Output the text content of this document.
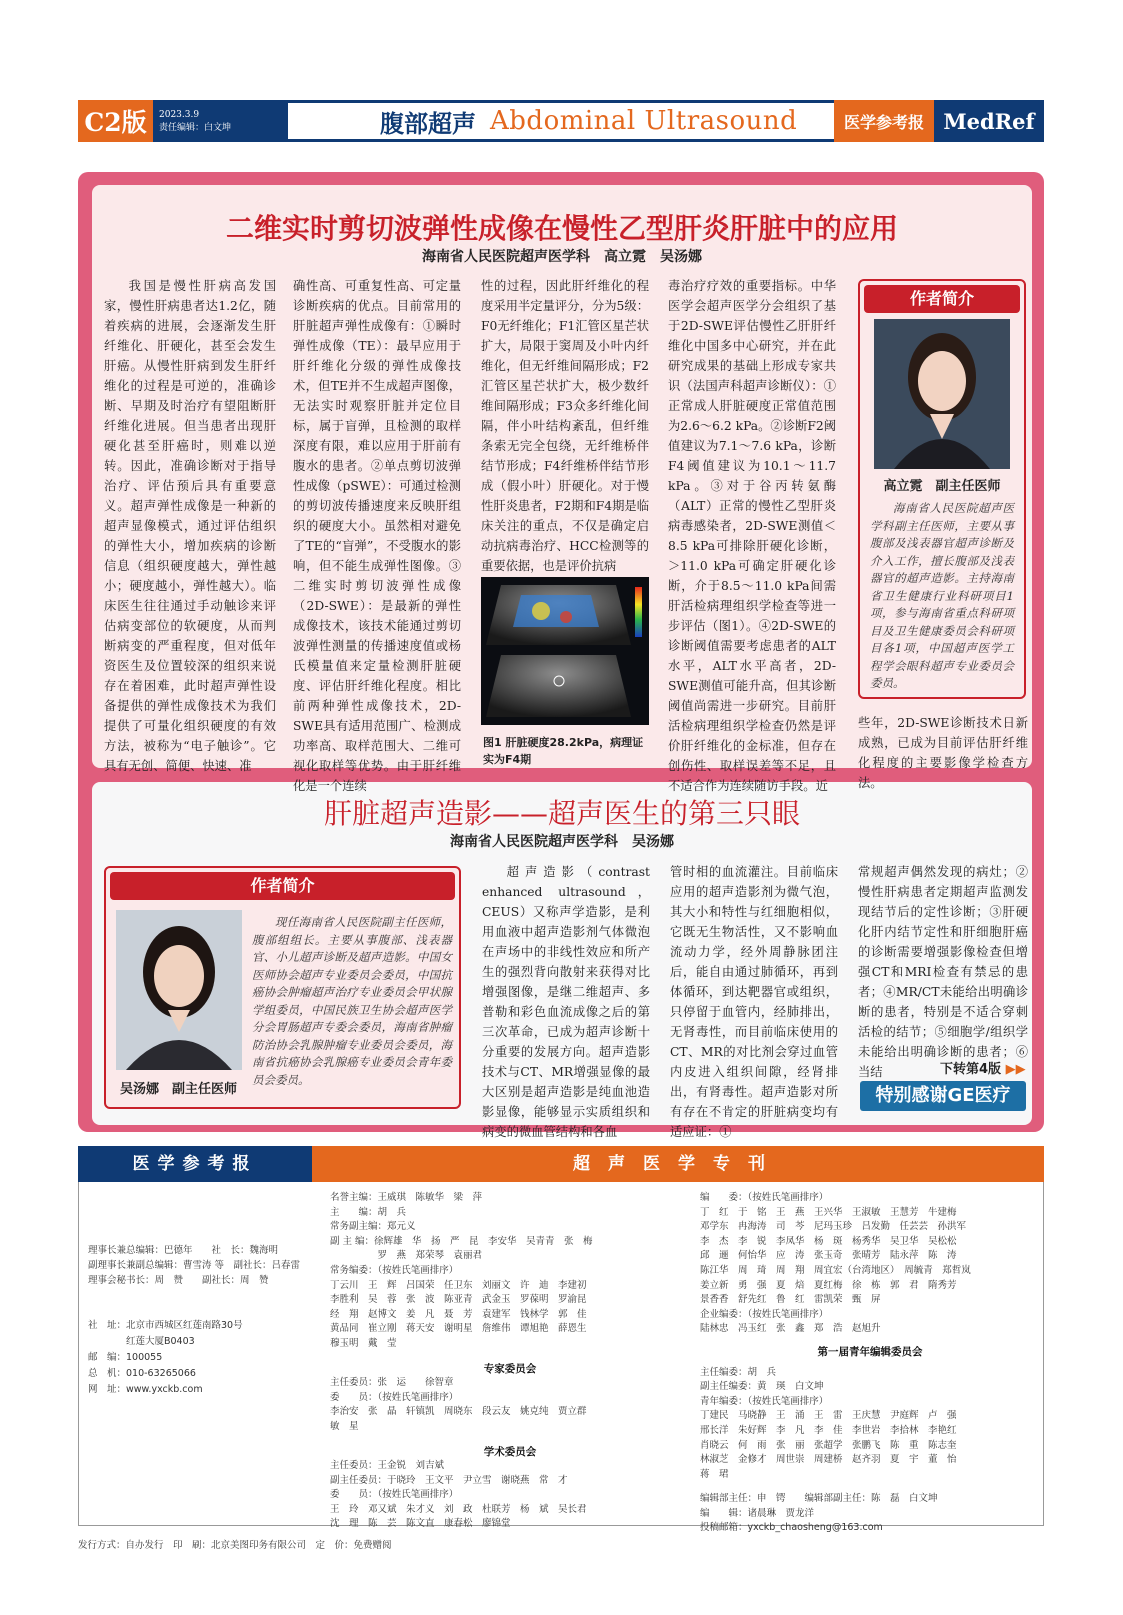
C2版	2023.3.9
责任编辑：白文坤	腹部超声 Abdominal Ultrasound	医学参考报 MedRef
二维实时剪切波弹性成像在慢性乙型肝炎肝脏中的应用
海南省人民医院超声医学科　高立霓　吴汤娜
我国是慢性肝病高发国家，慢性肝病患者达1.2亿，随着疾病的进展，会逐渐发生肝纤维化、肝硬化，甚至会发生肝癌。从慢性肝病到发生肝纤维化的过程是可逆的，准确诊断、早期及时治疗有望阻断肝纤维化进展。但当患者出现肝硬化甚至肝癌时，则难以逆转。因此，准确诊断对于指导治疗、评估预后具有重要意义。超声弹性成像是一种新的超声显像模式，通过评估组织的弹性大小，增加疾病的诊断信息（组织硬度越大，弹性越小；硬度越小，弹性越大）。临床医生往往通过手动触诊来评估病变部位的软硬度，从而判断病变的严重程度，但对低年资医生及位置较深的组织来说存在着困难，此时超声弹性设备提供的弹性成像技术为我们提供了可量化组织硬度的有效方法，被称为“电子触诊”。它具有无创、简便、快速、准
确性高、可重复性高、可定量诊断疾病的优点。目前常用的肝脏超声弹性成像有：①瞬时弹性成像（TE）：最早应用于肝纤维化分级的弹性成像技术，但TE并不生成超声图像，无法实时观察肝脏并定位目标，属于盲弹，且检测的取样深度有限，难以应用于肝前有腹水的患者。②单点剪切波弹性成像（pSWE）：可通过检测的剪切波传播速度来反映肝组织的硬度大小。虽然相对避免了TE的“盲弹”，不受腹水的影响，但不能生成弹性图像。③二维实时剪切波弹性成像（2D-SWE）：是最新的弹性成像技术，该技术能通过剪切波弹性测量的传播速度值或杨氏模量值来定量检测肝脏硬度、评估肝纤维化程度。相比前两种弹性成像技术，2D-SWE具有适用范围广、检测成功率高、取样范围大、二维可视化取样等优势。由于肝纤维化是一个连续
性的过程，因此肝纤维化的程度采用半定量评分，分为5级：F0无纤维化；F1汇管区星芒状扩大，局限于窦周及小叶内纤维化，但无纤维间隔形成；F2汇管区星芒状扩大，极少数纤维间隔形成；F3众多纤维化间隔，伴小叶结构紊乱，但纤维条索无完全包绕，无纤维桥伴结节形成；F4纤维桥伴结节形成（假小叶）肝硬化。对于慢性肝炎患者，F2期和F4期是临床关注的重点，不仅是确定启动抗病毒治疗、HCC检测等的重要依据，也是评价抗病
毒治疗疗效的重要指标。中华医学会超声医学分会组织了基于2D-SWE评估慢性乙肝肝纤维化中国多中心研究，并在此研究成果的基础上形成专家共识（法国声科超声诊断仪）：①正常成人肝脏硬度正常值范围为2.6～6.2 kPa。②诊断F2阈值建议为7.1～7.6 kPa，诊断F4阈值建议为10.1～11.7 kPa。③对于谷丙转氨酶（ALT）正常的慢性乙型肝炎病毒感染者，2D-SWE测值＜8.5 kPa可排除肝硬化诊断，＞11.0 kPa可确定肝硬化诊断，介于8.5～11.0 kPa间需肝活检病理组织学检查等进一步评估（图1）。④2D-SWE的诊断阈值需要考虑患者的ALT水平，ALT水平高者，2D-SWE测值可能升高，但其诊断阈值尚需进一步研究。目前肝活检病理组织学检查仍然是评价肝纤维化的金标准，但存在创伤性、取样误差等不足，且不适合作为连续随访手段。近
些年，2D-SWE诊断技术日新成熟，已成为目前评估肝纤维化程度的主要影像学检查方法。
图1 肝脏硬度28.2kPa，病理证实为F4期
作者简介
高立霓　副主任医师
海南省人民医院超声医学科副主任医师，主要从事腹部及浅表器官超声诊断及介入工作，擅长腹部及浅表器官的超声造影。主持海南省卫生健康行业科研项目1项，参与海南省重点科研项目及卫生健康委员会科研项目各1项，中国超声医学工程学会眼科超声专业委员会委员。
肝脏超声造影——超声医生的第三只眼
海南省人民医院超声医学科　吴汤娜
作者简介
吴汤娜　副主任医师
现任海南省人民医院副主任医师，腹部组组长。主要从事腹部、浅表器官、小儿超声诊断及超声造影。中国女医师协会超声专业委员会委员，中国抗癌协会肿瘤超声治疗专业委员会甲状腺学组委员，中国民族卫生协会超声医学分会胃肠超声专委会委员，海南省肿瘤防治协会乳腺肿瘤专业委员会委员，海南省抗癌协会乳腺癌专业委员会青年委员会委员。
超声造影（contrast enhanced ultrasound，CEUS）又称声学造影，是利用血液中超声造影剂气体微泡在声场中的非线性效应和所产生的强烈背向散射来获得对比增强图像，是继二维超声、多普勒和彩色血流成像之后的第三次革命，已成为超声诊断十分重要的发展方向。超声造影技术与CT、MR增强显像的最大区别是超声造影是纯血池造影显像，能够显示实质组织和病变的微血管结构和各血
管时相的血流灌注。目前临床应用的超声造影剂为微气泡，其大小和特性与红细胞相似，它既无生物活性，又不影响血流动力学，经外周静脉团注后，能自由通过肺循环，再到体循环，到达靶器官或组织，只停留于血管内，经肺排出，无肾毒性，而目前临床使用的CT、MR的对比剂会穿过血管内皮进入组织间隙，经肾排出，有肾毒性。超声造影对所有存在不肯定的肝脏病变均有适应证：①
常规超声偶然发现的病灶；②慢性肝病患者定期超声监测发现结节后的定性诊断；③肝硬化肝内结节定性和肝细胞肝癌的诊断需要增强影像检查但增强CT和MRI检查有禁忌的患者；④MR/CT未能给出明确诊断的患者，特别是不适合穿刺活检的结节；⑤细胞学/组织学未能给出明确诊断的患者；⑥当结	下转第4版 ▶▶
特别感谢GE医疗
医学参考报	超声医学专刊
理事长兼总编辑：巴德年　　社　长：魏海明
副理事长兼副总编辑：曹雪涛 等　副社长：吕春雷
理事会秘书长：周　赞　　副社长：周　赞
社　址：北京市西城区红莲南路30号
　　　　红莲大厦B0403
邮　编：100055
总　机：010-63265066
网　址：www.yxckb.com
名誉主编：王威琪　陈敏华　梁　萍
主　　编：胡　兵
常务副主编：郑元义
副 主 编：徐辉雄　华　扬　严　昆　李安华　吴青青　张　梅
　　　　　罗　燕　郑荣琴　袁丽君
常务编委：（按姓氏笔画排序）
丁云川　王　辉　吕国荣　任卫东　刘丽文　许　迪　李建初
李胜利　吴　蓉　张　波　陈亚青　武金玉　罗葆明　罗渝昆
经　翔　赵博文　姜　凡　聂　芳　袁建军　钱林学　郭　佳
黄品同　崔立刚　蒋天安　谢明星　詹维伟　谭旭艳　薛恩生
穆玉明　戴　莹
专家委员会
主任委员：张　运　　徐智章
委　　员：（按姓氏笔画排序）
李治安　张　晶　轩镇凯　周晓东　段云友　姚克纯　贾立群
敏　星
学术委员会
主任委员：王金锐　刘吉斌
副主任委员：于晓玲　王文平　尹立雪　谢晓燕　常　才
委　　员：（按姓氏笔画排序）
王　玲　邓又斌　朱才义　刘　政　杜联芳　杨　斌　吴长君
沈　理　陈　芸　陈文直　康春松　廖锦堂
编　　委：（按姓氏笔画排序）
丁　红　于　铭　王　燕　王兴华　王淑敏　王慧芳　牛建梅
邓学东　冉海涛　司　芩　尼玛玉珍　吕发勤　任芸芸　孙洪军
李　杰　李　锐　李凤华　杨　斑　杨秀华　吴卫华　吴松松
邱　逦　何怡华　应　涛　张玉奇　张晴芳　陆永萍　陈　涛
陈江华　周　琦　周　翔　周宜宏（台湾地区）　周毓青　郑哲岚
姜立新　勇　强　夏　焙　夏红梅　徐　栋　郭　君　隋秀芳
景香香　舒先红　鲁　红　雷凯荣　甄　屏
企业编委：（按姓氏笔画排序）
陆林忠　冯玉红　张　鑫　郑　浩　赵旭升
第一届青年编辑委员会
主任编委：胡　兵
副主任编委：黄　瑛　白文坤
青年编委：（按姓氏笔画排序）
丁建民　马晓静　王　涌　王　雷　王庆慧　尹庭辉　卢　强
邢长洋　朱好辉　李　凡　李　佳　李世岩　李拾林　李艳红
肖晓云　何　雨　张　丽　张超学　张鹏飞　陈　重　陈志奎
林淑芝　金修才　周世崇　周建桥　赵齐羽　夏　宇　董　怡
蒋　珺
编辑部主任：申　锷　　编辑部副主任：陈　磊　白文坤
编　　辑：诸晨琳　贾龙洋
投稿邮箱：yxckb_chaosheng@163.com
发行方式：自办发行　印　刷：北京美图印务有限公司　定　价：免费赠阅
